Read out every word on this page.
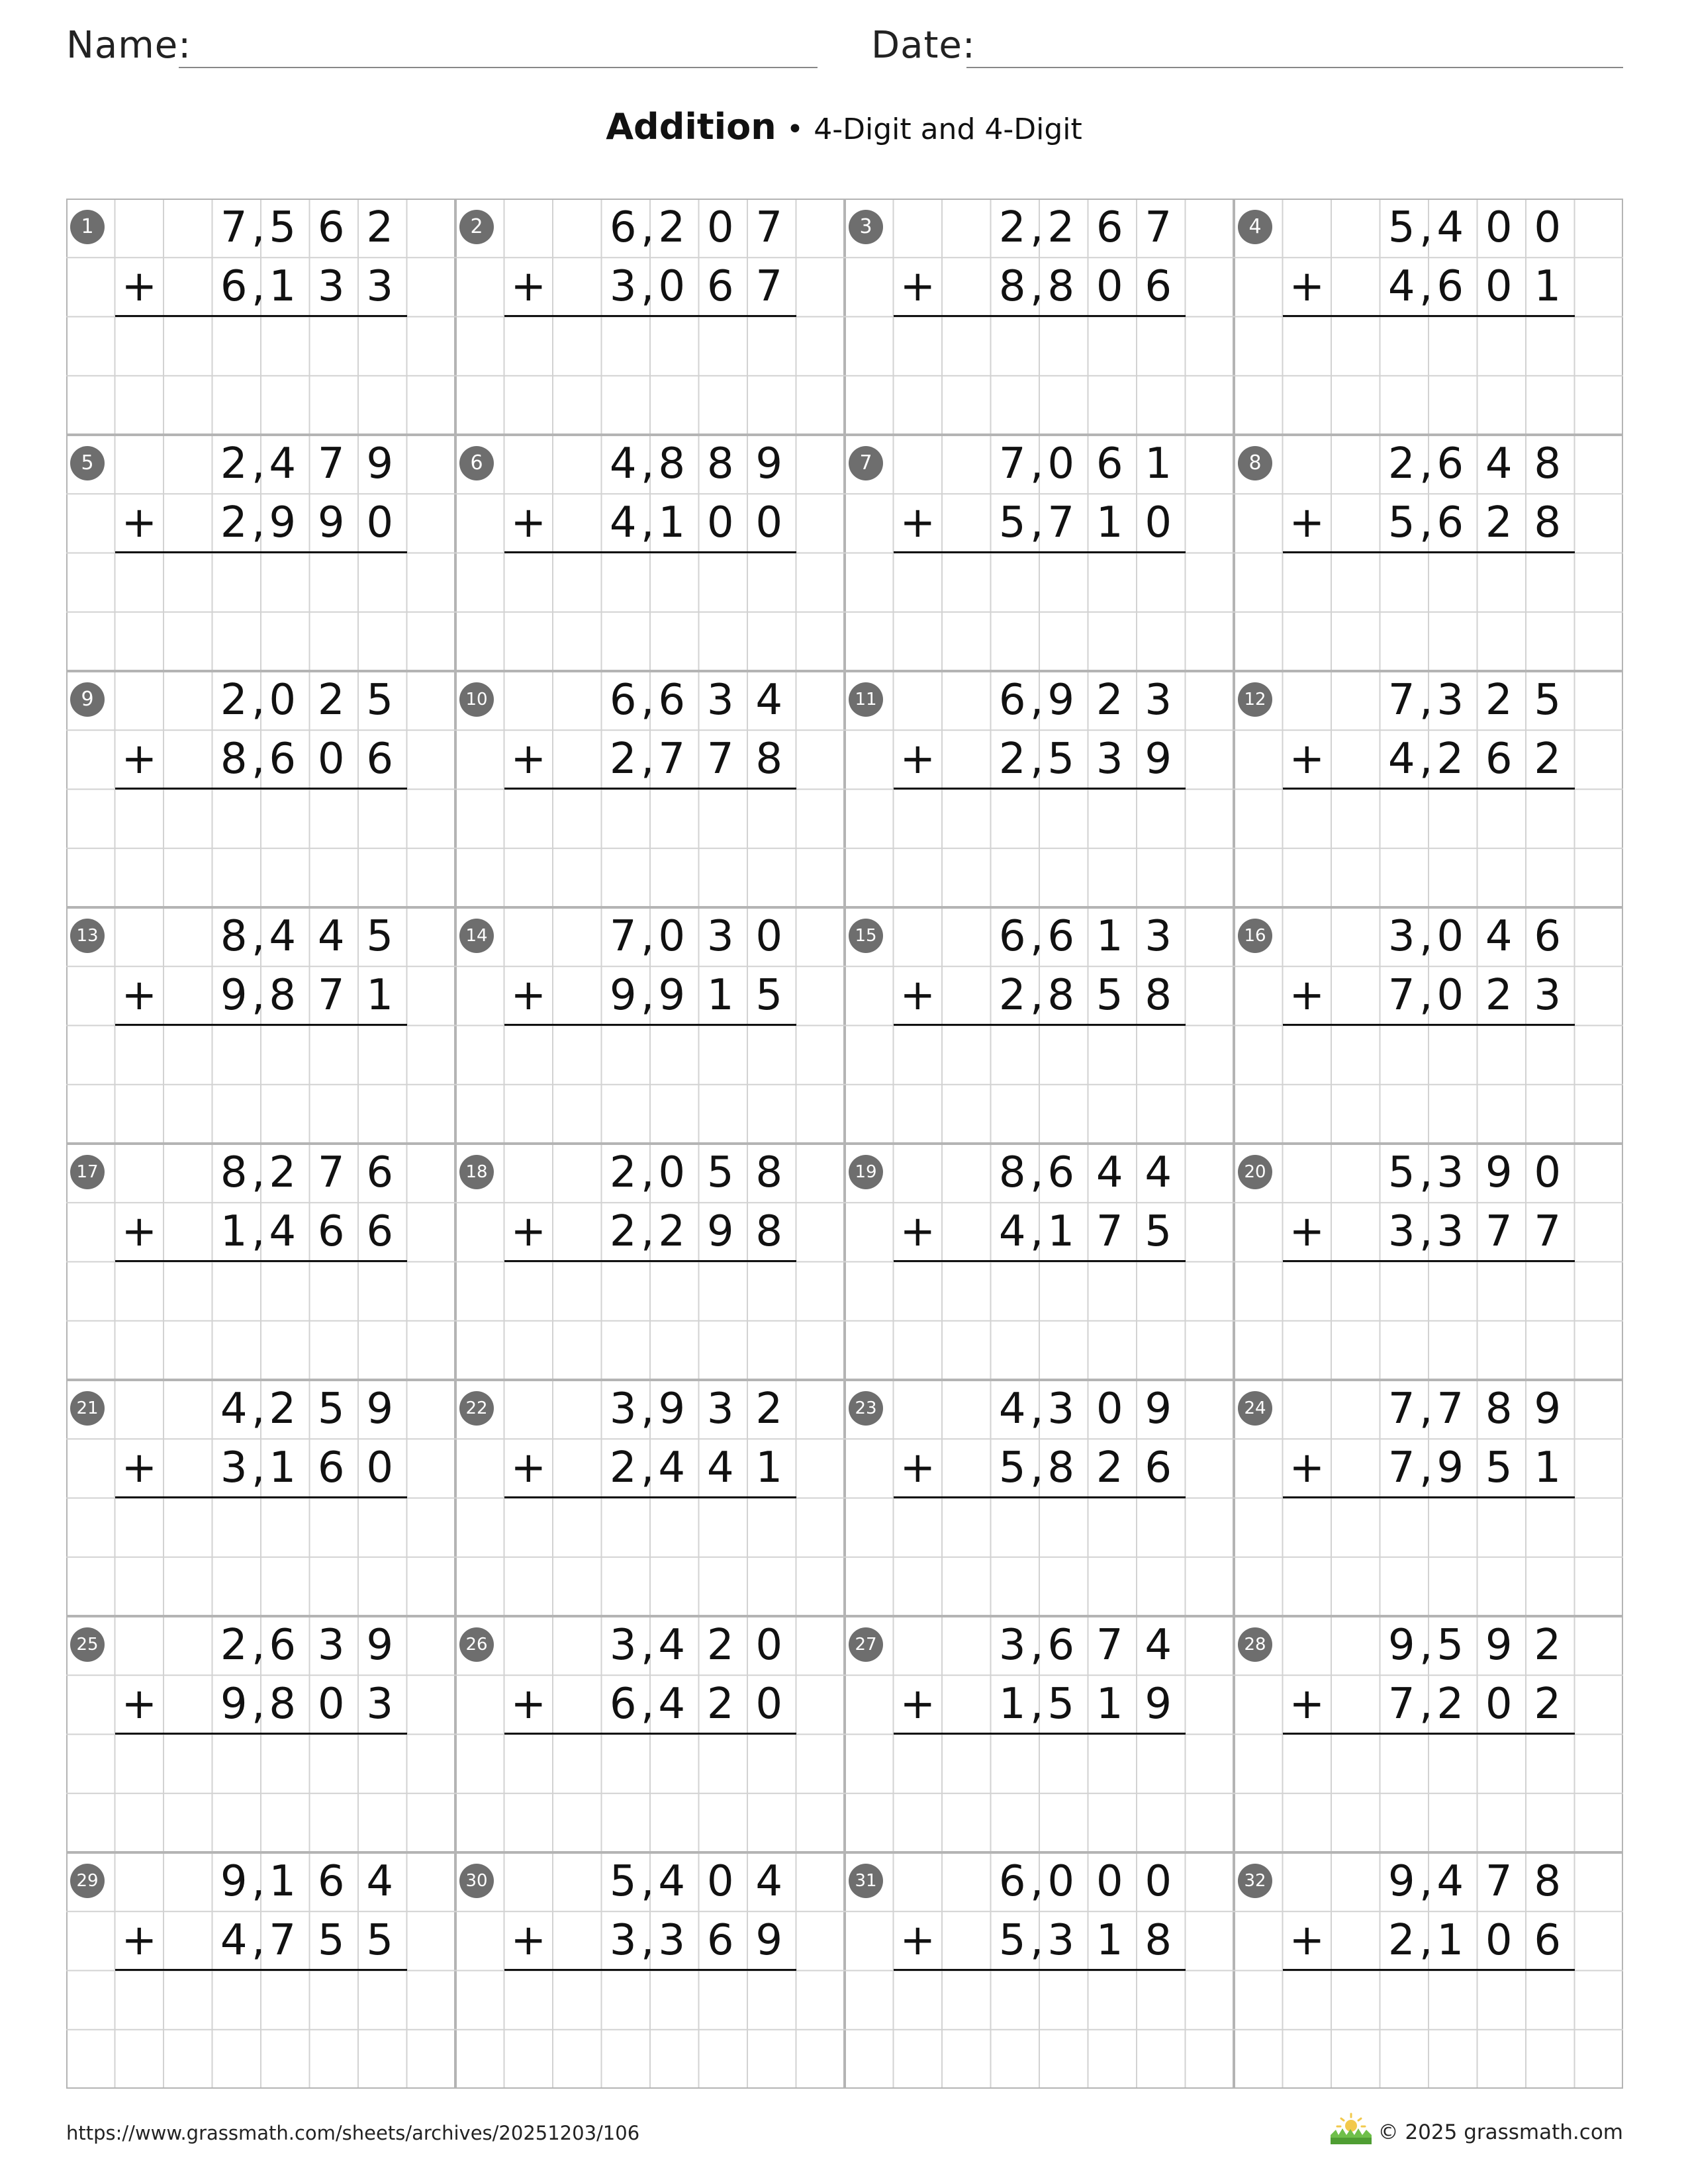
Name:	Date:
Addition • 4-Digit and 4-Digit
1	7 5 6 2
,
6 1 3 3
,
+
2	6 2 0 7
,
3 0 6 7
,
+
3	2 2 6 7
,
8 8 0 6
,
+
4	5 4 0 0
,
4 6 0 1
,
+
5	2 4 7 9
,
2 9 9 0
,
+
6	4 8 8 9
,
4 1 0 0
,
+
7	7 0 6 1
,
5 7 1 0
,
+
8	2 6 4 8
,
5 6 2 8
,
+
9	2 0 2 5
,
8 6 0 6
,
+
10	6 6 3 4
,
2 7 7 8
,
+
11	6 9 2 3
,
2 5 3 9
,
+
12	7 3 2 5
,
4 2 6 2
,
+
13	8 4 4 5
,
9 8 7 1
,
+
14	7 0 3 0
,
9 9 1 5
,
+
15	6 6 1 3
,
2 8 5 8
,
+
16	3 0 4 6
,
7 0 2 3
,
+
17	8 2 7 6
,
1 4 6 6
,
+
18	2 0 5 8
,
2 2 9 8
,
+
19	8 6 4 4
,
4 1 7 5
,
+
20	5 3 9 0
,
3 3 7 7
,
+
21	4 2 5 9
,
3 1 6 0
,
+
22	3 9 3 2
,
2 4 4 1
,
+
23	4 3 0 9
,
5 8 2 6
,
+
24	7 7 8 9
,
7 9 5 1
,
+
25	2 6 3 9
,
9 8 0 3
,
+
26	3 4 2 0
,
6 4 2 0
,
+
27	3 6 7 4
,
1 5 1 9
,
+
28	9 5 9 2
,
7 2 0 2
,
+
29	9 1 6 4
,
4 7 5 5
,
+
30	5 4 0 4
,
3 3 6 9
,
+
31	6 0 0 0
,
5 3 1 8
,
+
32	9 4 7 8
,
2 1 0 6
,
+
https://www.grassmath.com/sheets/archives/20251203/106	© 2025 grassmath.com
